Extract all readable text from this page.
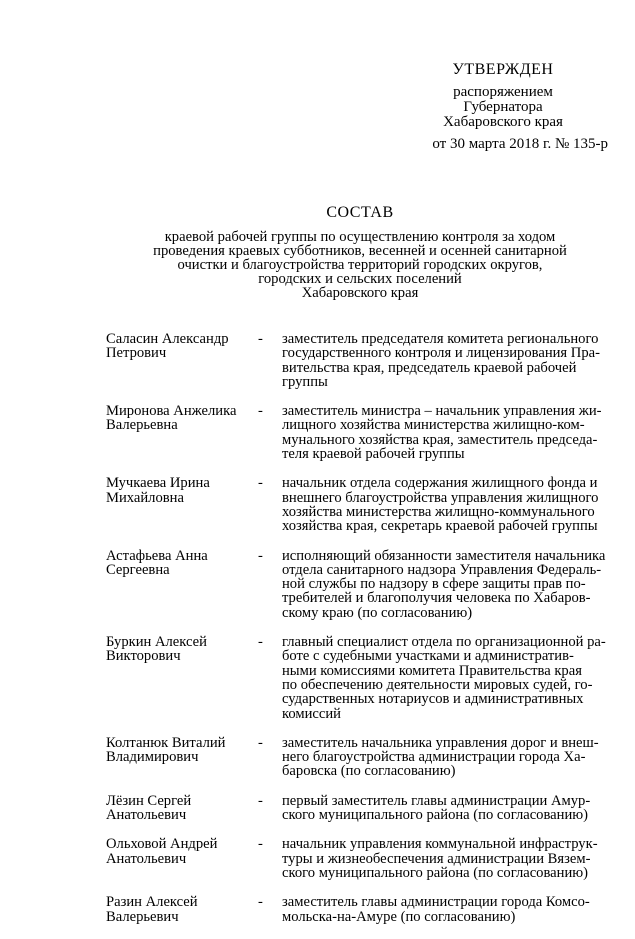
УТВЕРЖДЕН
распоряжением
Губернатора
Хабаровского края
от 30 марта 2018 г. № 135-р
СОСТАВ
краевой рабочей группы по осуществлению контроля за ходом
проведения краевых субботников, весенней и осенней санитарной
очистки и благоустройства территорий городских округов,
городских и сельских поселений
Хабаровского края
Саласин Александр
Петрович
-	заместитель председателя комитета регионального
государственного контроля и лицензирования Пра-
вительства края, председатель краевой рабочей
группы
Миронова Анжелика
Валерьевна
-	заместитель министра – начальник управления жи-
лищного хозяйства министерства жилищно-ком-
мунального хозяйства края, заместитель председа-
теля краевой рабочей группы
Мучкаева Ирина
Михайловна
-	начальник отдела содержания жилищного фонда и
внешнего благоустройства управления жилищного
хозяйства министерства жилищно-коммунального
хозяйства края, секретарь краевой рабочей группы
Астафьева Анна
Сергеевна
-	исполняющий обязанности заместителя начальника
отдела санитарного надзора Управления Федераль-
ной службы по надзору в сфере защиты прав по-
требителей и благополучия человека по Хабаров-
скому краю (по согласованию)
Буркин Алексей
Викторович
-	главный специалист отдела по организационной ра-
боте с судебными участками и административ-
ными комиссиями комитета Правительства края
по обеспечению деятельности мировых судей, го-
сударственных нотариусов и административных
комиссий
Колтанюк Виталий
Владимирович
-	заместитель начальника управления дорог и внеш-
него благоустройства администрации города Ха-
баровска (по согласованию)
Лёзин Сергей
Анатольевич
-	первый заместитель главы администрации Амур-
ского муниципального района (по согласованию)
Ольховой Андрей
Анатольевич
-	начальник управления коммунальной инфраструк-
туры и жизнеобеспечения администрации Вязем-
ского муниципального района (по согласованию)
Разин Алексей
Валерьевич
-	заместитель главы администрации города Комсо-
мольска-на-Амуре (по согласованию)
